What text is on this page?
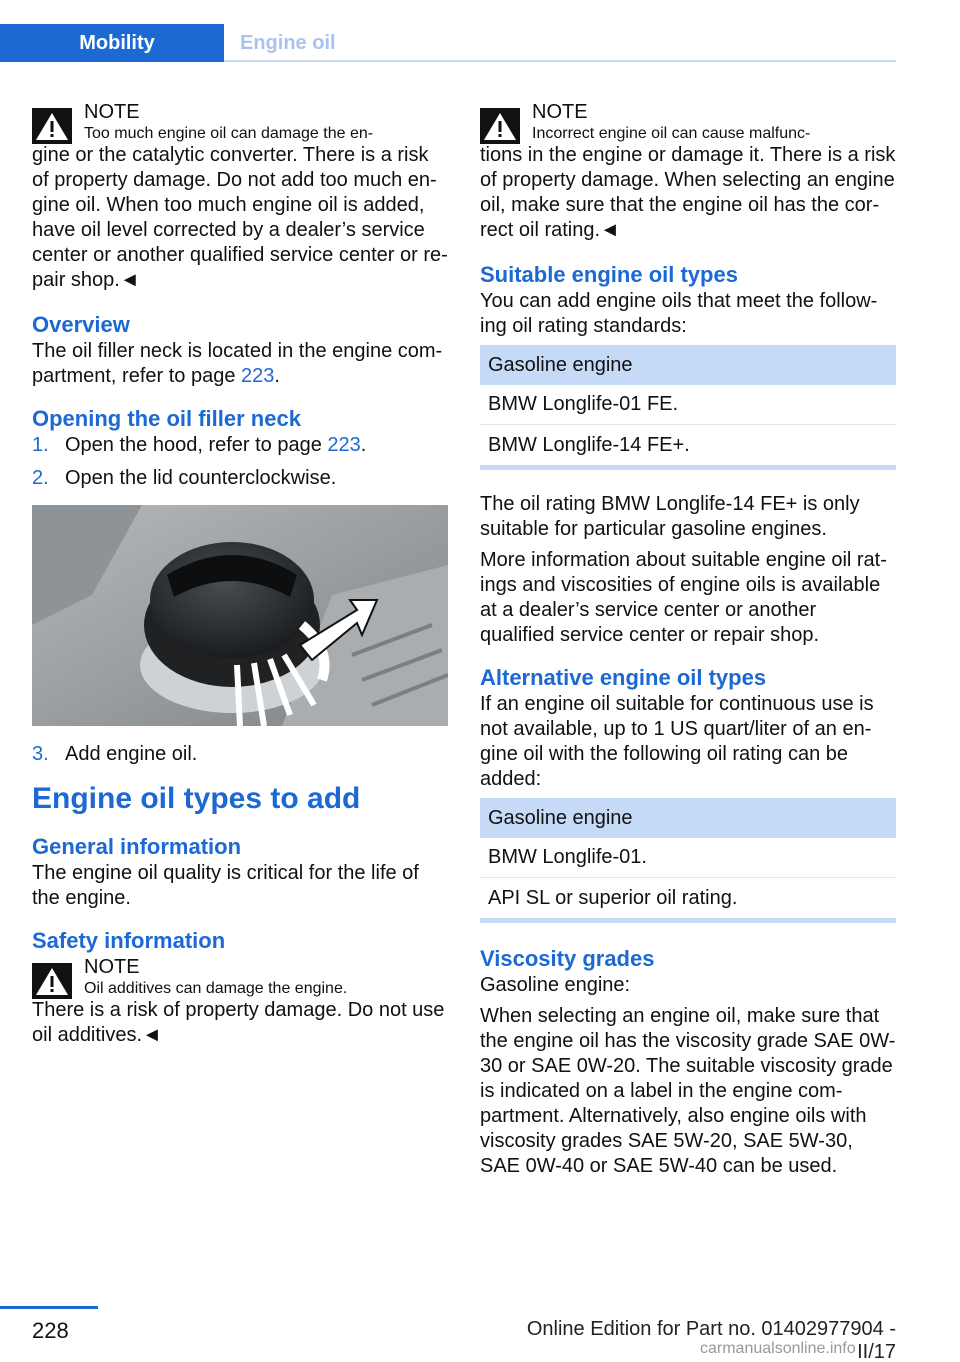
Mobility	Engine oil
NOTE
Too much engine oil can damage the en-

gine or the catalytic converter. There is a risk of property damage. Do not add too much en-gine oil. When too much engine oil is added, have oil level corrected by a dealer’s service center or another qualified service center or re-pair shop.◄

Overview

The oil filler neck is located in the engine com-partment, refer to page 223.

Opening the oil filler neck
1. Open the hood, refer to page 223.
2. Open the lid counterclockwise.
3. Add engine oil.
Engine oil types to add
General information

The engine oil quality is critical for the life of the engine.

Safety information
NOTE
Oil additives can damage the engine.

There is a risk of property damage. Do not use oil additives.◄

NOTE
Incorrect engine oil can cause malfunc-

tions in the engine or damage it. There is a risk of property damage. When selecting an engine oil, make sure that the engine oil has the cor-rect oil rating.◄

Suitable engine oil types

You can add engine oils that meet the follow-ing oil rating standards:

Gasoline engine
BMW Longlife-01 FE.
BMW Longlife-14 FE+.

The oil rating BMW Longlife-14 FE+ is only suitable for particular gasoline engines.

More information about suitable engine oil rat-ings and viscosities of engine oils is available at a dealer’s service center or another qualified service center or repair shop.

Alternative engine oil types

If an engine oil suitable for continuous use is not available, up to 1 US quart/liter of an en-gine oil with the following oil rating can be added:

Gasoline engine
BMW Longlife-01.
API SL or superior oil rating.
Viscosity grades

Gasoline engine:

When selecting an engine oil, make sure that the engine oil has the viscosity grade SAE 0W-30 or SAE 0W-20. The suitable viscosity grade is indicated on a label in the engine com-partment. Alternatively, also engine oils with viscosity grades SAE 5W-20, SAE 5W-30, SAE 0W-40 or SAE 5W-40 can be used.

228	Online Edition for Part no. 01402977904 - II/17
carmanualsonline.info
